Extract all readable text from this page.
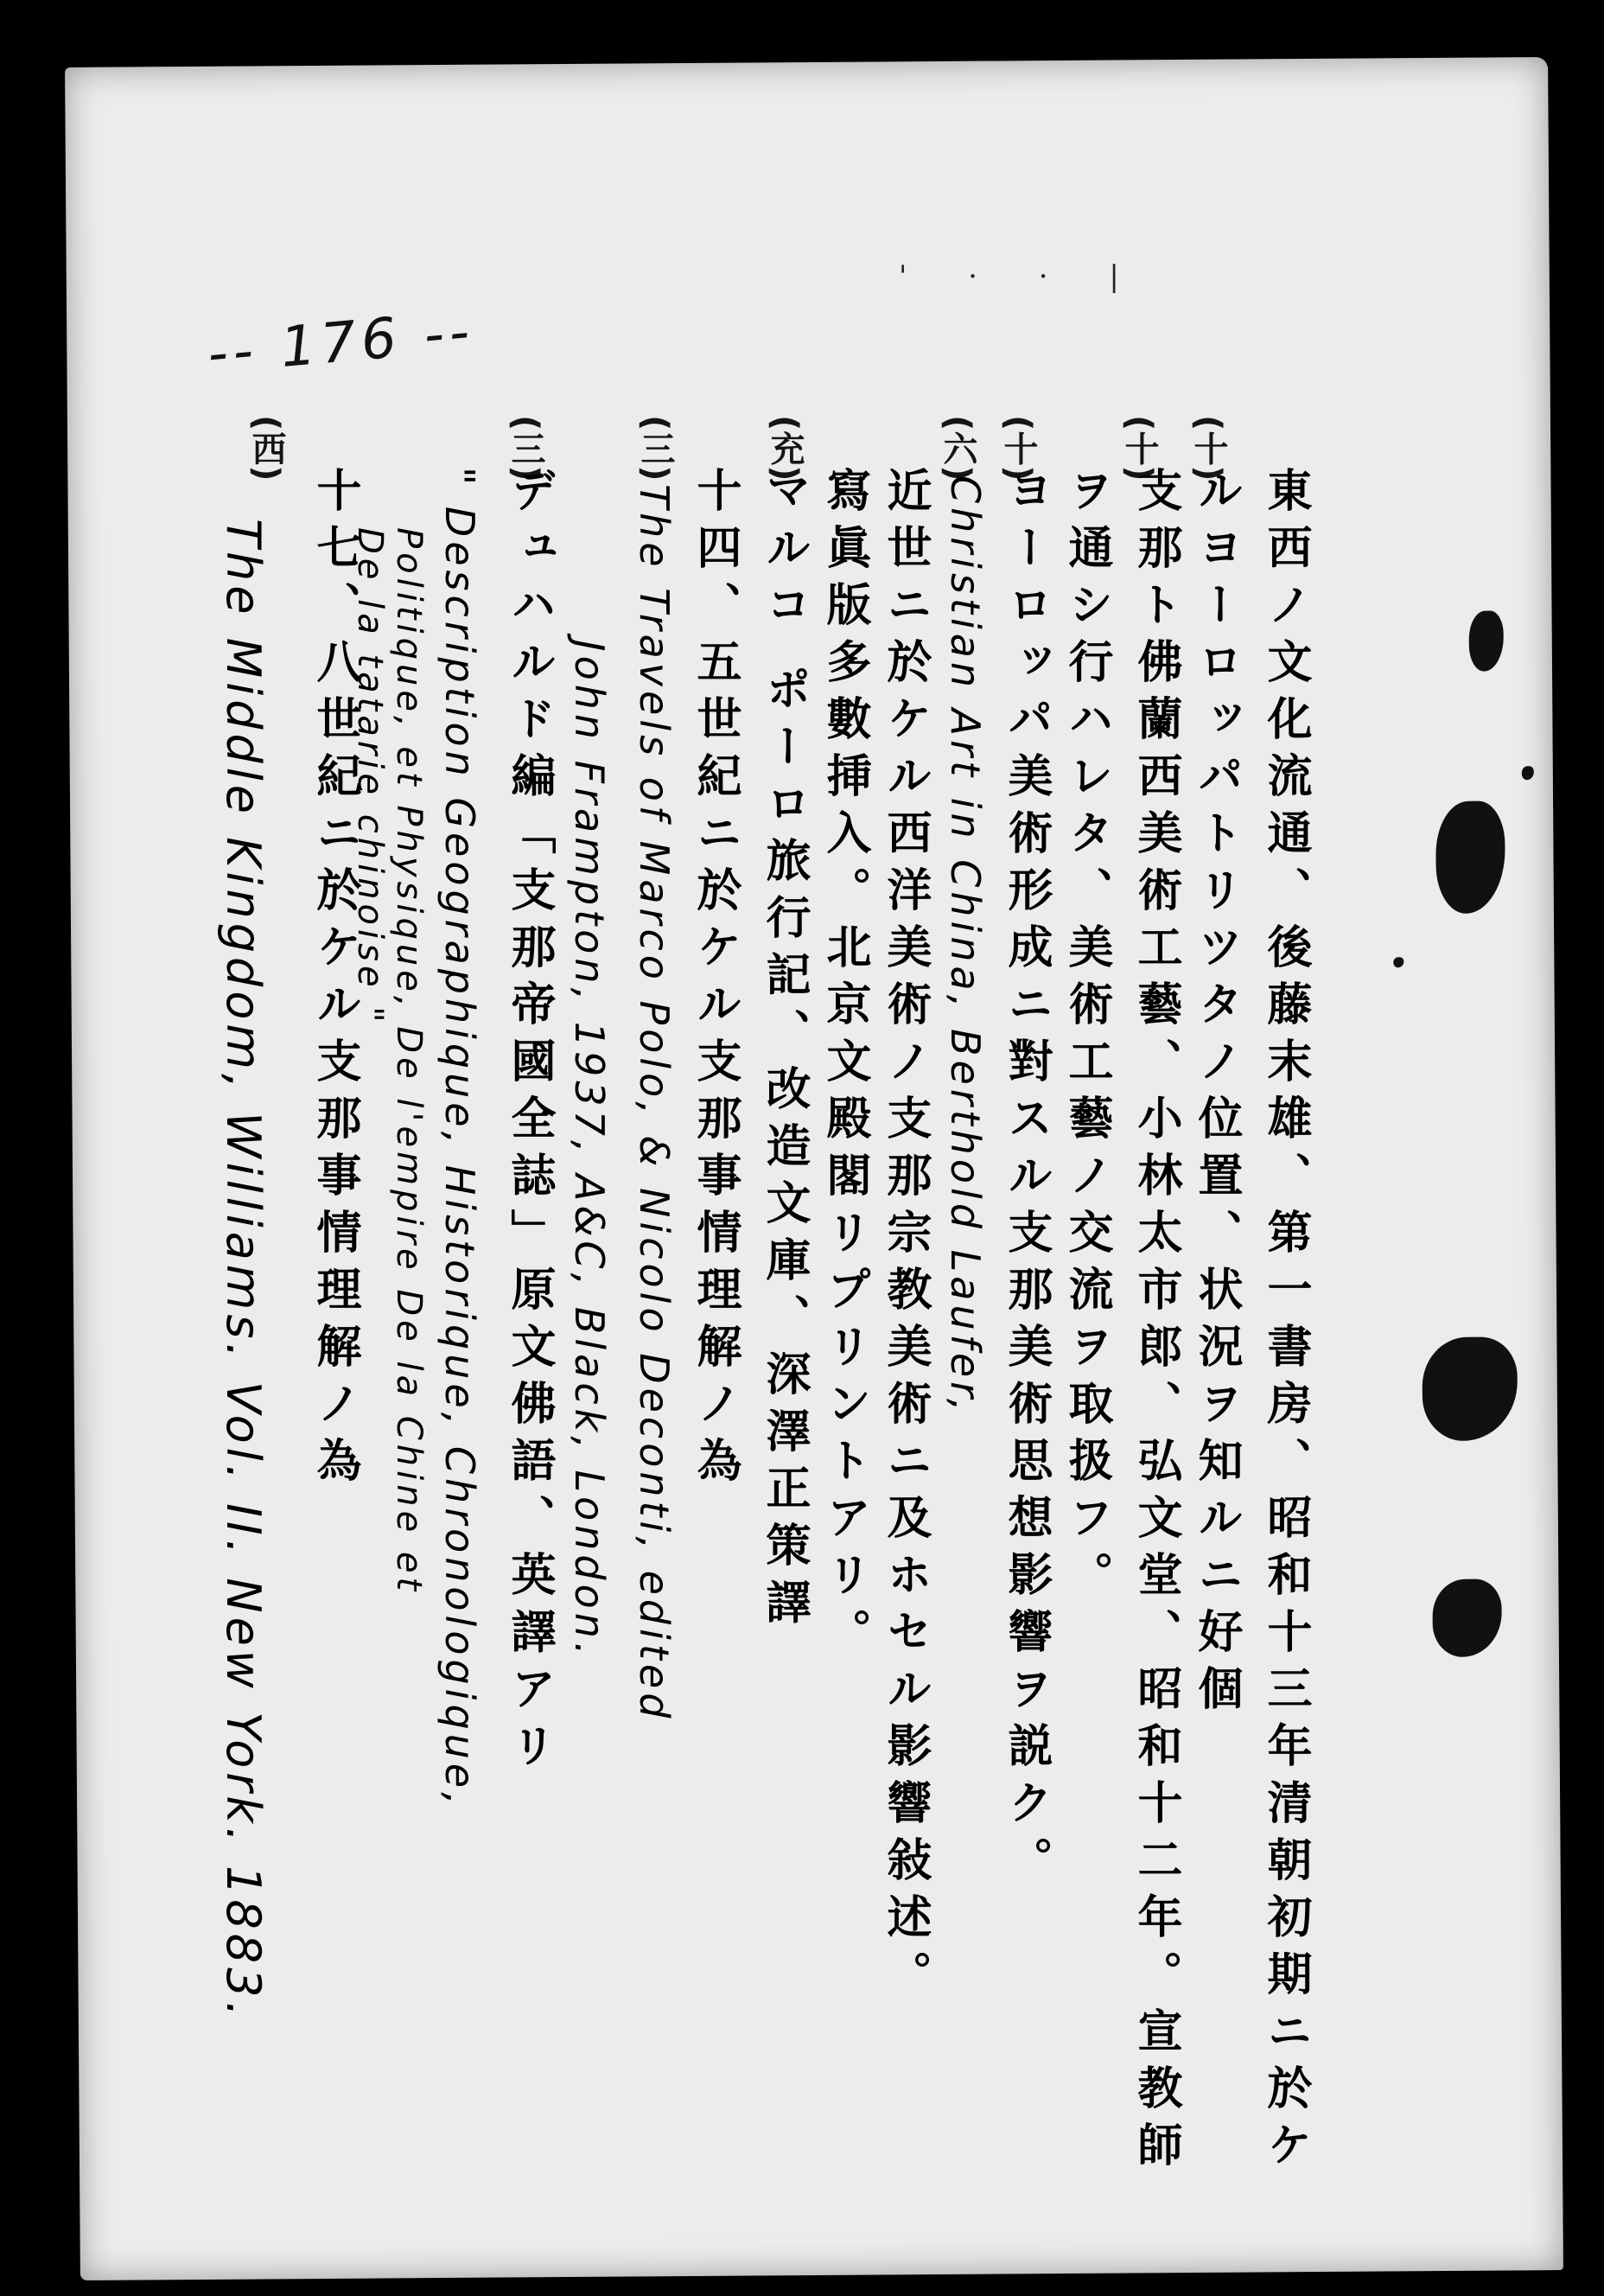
' · · |
-- 176 --
(十)
東西ノ文化流通、後藤末雄、第一書房、昭和十三年清朝初期ニ於ケ
ルヨーロッパトリツタノ位置、状況ヲ知ルニ好個
(十)
支那ト佛蘭西美術工藝、小林太市郎、弘文堂、昭和十二年。宣教師
ヲ通シ行ハレタ、美術工藝ノ交流ヲ取扱フ。
(十)
ヨーロッパ美術形成ニ對スル支那美術思想影響ヲ説ク。
(六)
Christian Art in China, Berthold Laufer,
近世ニ於ケル西洋美術ノ支那宗教美術ニ及ホセル影響敍述。
寫眞版多數挿入。北京文殿閣リプリントアリ。
(充)
マルコ ポーロ旅行記、改造文庫、深澤正策譯
十四、五世紀ニ於ケル支那事情理解ノ為
(三)
The Travels of Marco Polo, & Nicolo Deconti, edited
John Frampton, 1937, A&C, Black, London.
(三)
デュハルド編「支那帝國全誌」原文佛語、英譯アリ
" Description Geographique, Historique, Chronologique,
Politique, et Physique, De l'empire De la Chine et
De la tatarie chinoise "
十七、八世紀ニ於ケル支那事情理解ノ為
(西)
The Middle Kingdom, Williams. Vol. II. New York. 1883.
